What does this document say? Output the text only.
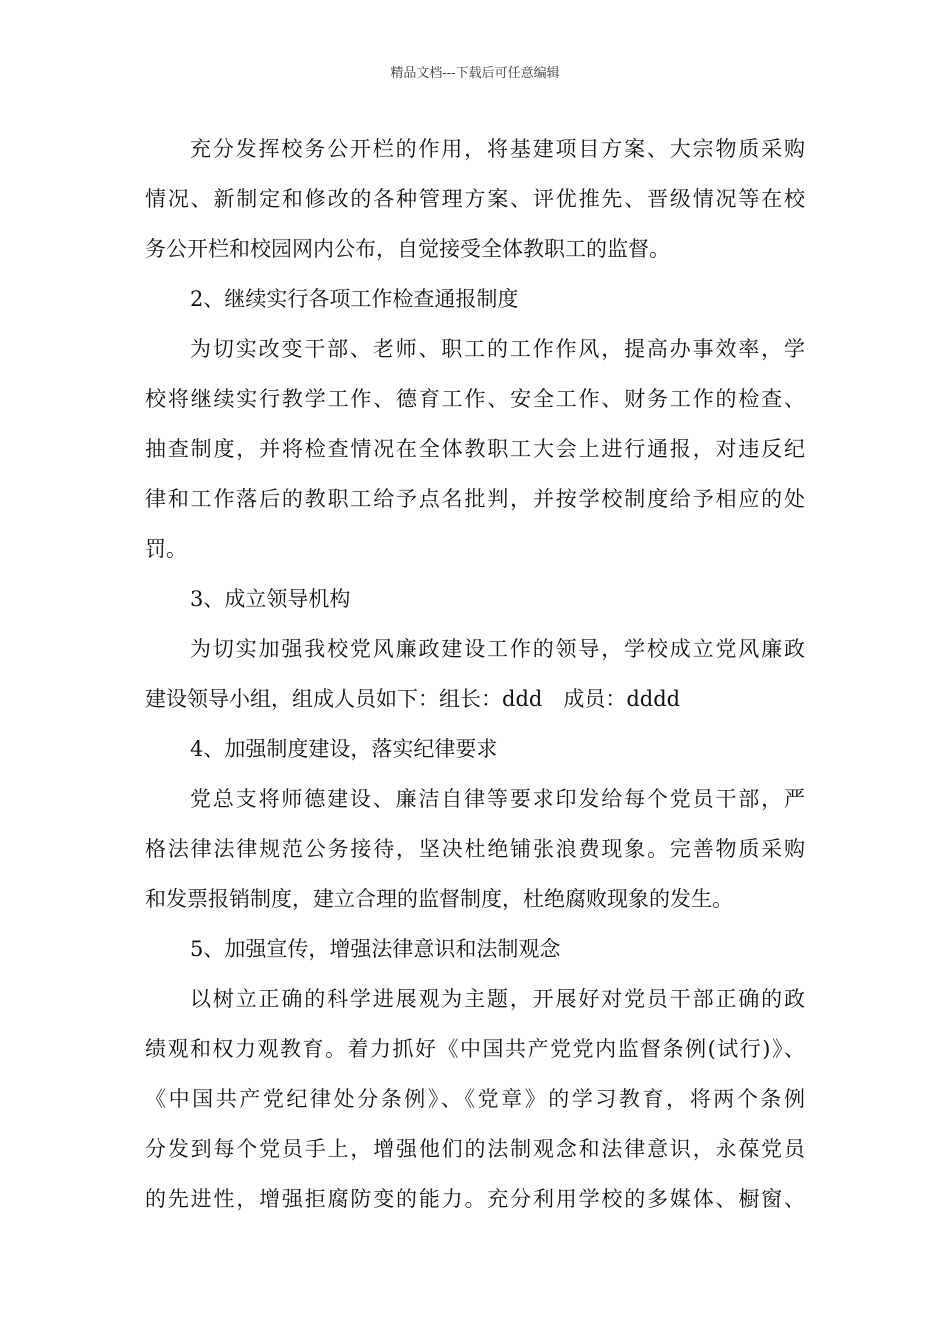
精品文档---下载后可任意编辑
充分发挥校务公开栏的作用，将基建项目方案、大宗物质采购
情况、新制定和修改的各种管理方案、评优推先、晋级情况等在校
务公开栏和校园网内公布，自觉接受全体教职工的监督。
2、继续实行各项工作检查通报制度
为切实改变干部、老师、职工的工作作风，提高办事效率，学
校将继续实行教学工作、德育工作、安全工作、财务工作的检查、
抽查制度，并将检查情况在全体教职工大会上进行通报，对违反纪
律和工作落后的教职工给予点名批判，并按学校制度给予相应的处
罚。
3、成立领导机构
为切实加强我校党风廉政建设工作的领导，学校成立党风廉政
建设领导小组，组成人员如下：组长：ddd　成员：dddd
4、加强制度建设，落实纪律要求
党总支将师德建设、廉洁自律等要求印发给每个党员干部，严
格法律法律规范公务接待，坚决杜绝铺张浪费现象。完善物质采购
和发票报销制度，建立合理的监督制度，杜绝腐败现象的发生。
5、加强宣传，增强法律意识和法制观念
以树立正确的科学进展观为主题，开展好对党员干部正确的政
绩观和权力观教育。着力抓好《中国共产党党内监督条例(试行)》、
《中国共产党纪律处分条例》、《党章》的学习教育，将两个条例
分发到每个党员手上，增强他们的法制观念和法律意识，永葆党员
的先进性，增强拒腐防变的能力。充分利用学校的多媒体、橱窗、
